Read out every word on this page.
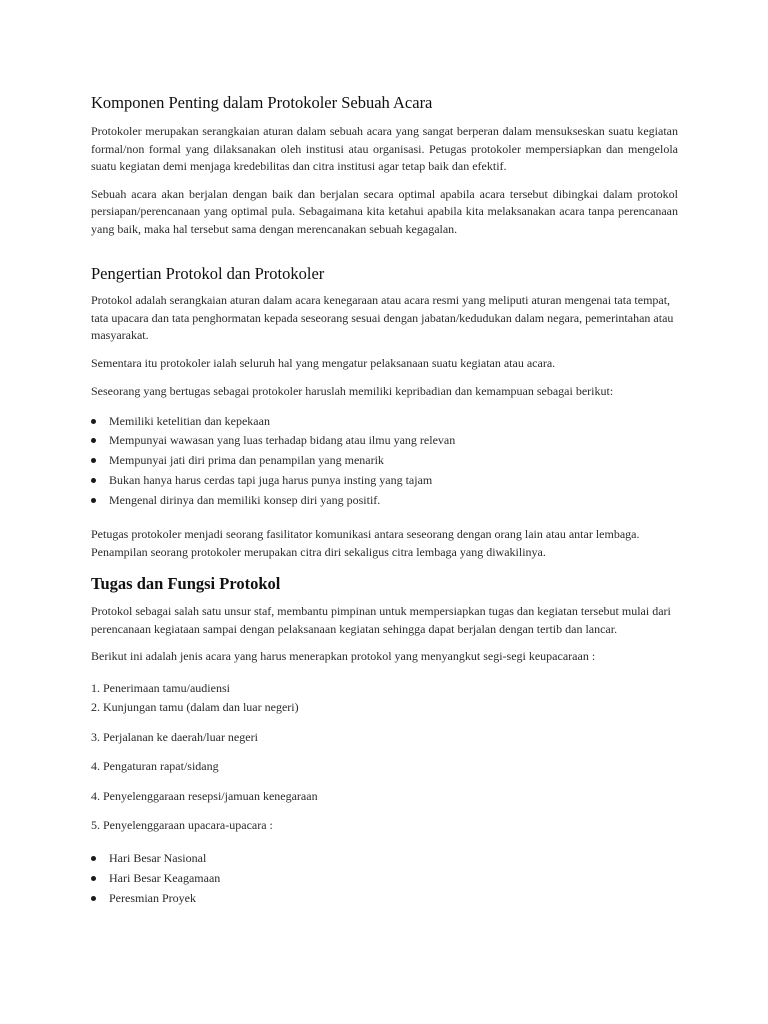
Komponen Penting dalam Protokoler Sebuah Acara

Protokoler merupakan serangkaian aturan dalam sebuah acara yang sangat berperan dalam mensukseskan suatu kegiatan formal/non formal yang dilaksanakan oleh institusi atau organisasi. Petugas protokoler mempersiapkan dan mengelola suatu kegiatan demi menjaga kredebilitas dan citra institusi agar tetap baik dan efektif.

Sebuah acara akan berjalan dengan baik dan berjalan secara optimal apabila acara tersebut dibingkai dalam protokol persiapan/perencanaan yang optimal pula. Sebagaimana kita ketahui apabila kita melaksanakan acara tanpa perencanaan yang baik, maka hal tersebut sama dengan merencanakan sebuah kegagalan.

Pengertian Protokol dan Protokoler

Protokol adalah serangkaian aturan dalam acara kenegaraan atau acara resmi yang meliputi aturan mengenai tata tempat, tata upacara dan tata penghormatan kepada seseorang sesuai dengan jabatan/kedudukan dalam negara, pemerintahan atau masyarakat.

Sementara itu protokoler ialah seluruh hal yang mengatur pelaksanaan suatu kegiatan atau acara.

Seseorang yang bertugas sebagai protokoler haruslah memiliki kepribadian dan kemampuan sebagai berikut:

Memiliki ketelitian dan kepekaan
Mempunyai wawasan yang luas terhadap bidang atau ilmu yang relevan
Mempunyai jati diri prima dan penampilan yang menarik
Bukan hanya harus cerdas tapi juga harus punya insting yang tajam
Mengenal dirinya dan memiliki konsep diri yang positif.

Petugas protokoler menjadi seorang fasilitator komunikasi antara seseorang dengan orang lain atau antar lembaga. Penampilan seorang protokoler merupakan citra diri sekaligus citra lembaga yang diwakilinya.

Tugas dan Fungsi Protokol

Protokol sebagai salah satu unsur staf, membantu pimpinan untuk mempersiapkan tugas dan kegiatan tersebut mulai dari perencanaan kegiataan sampai dengan pelaksanaan kegiatan sehingga dapat berjalan dengan tertib dan lancar.

Berikut ini adalah jenis acara yang harus menerapkan protokol yang menyangkut segi-segi keupacaraan :

1. Penerimaan tamu/audiensi

2. Kunjungan tamu (dalam dan luar negeri)

3. Perjalanan ke daerah/luar negeri

4. Pengaturan rapat/sidang

4. Penyelenggaraan resepsi/jamuan kenegaraan

5. Penyelenggaraan upacara-upacara :

Hari Besar Nasional
Hari Besar Keagamaan
Peresmian Proyek
